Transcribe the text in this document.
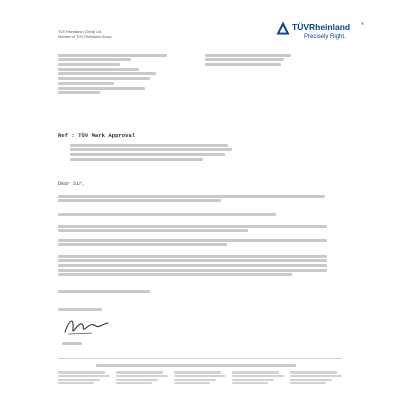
TÜV Rheinland (China) Ltd.
Member of TÜV Rheinland Group
TÜVRheinland	®
Precisely Right.
Ref : TÜV Mark Approval
Dear Sir,
